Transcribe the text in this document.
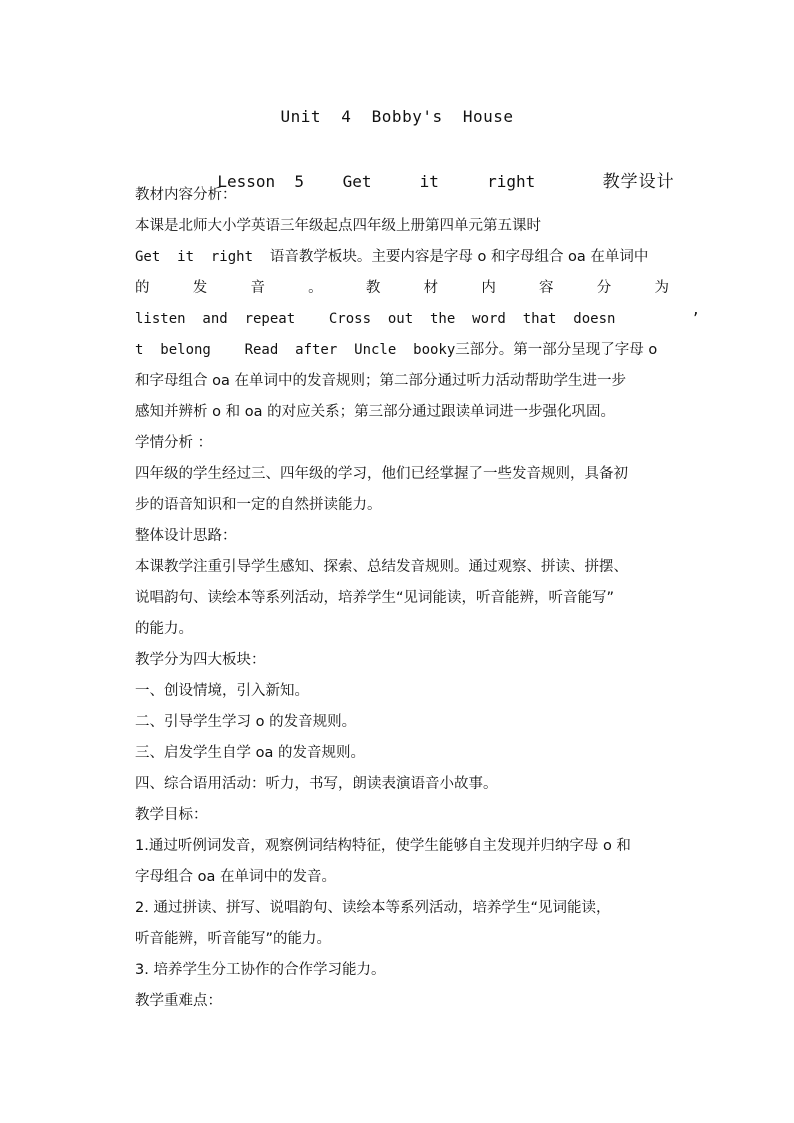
Unit  4  Bobby's  House

Lesson  5    Get     it     right       教学设计

教材内容分析：
本课是北师大小学英语三年级起点四年级上册第四单元第五课时
Get  it  right  语音教学板块。主要内容是字母 o 和字母组合 oa 在单词中
的	发	音	。	教	材	内	容	分	为
listen  and  repeat    Cross  out  the  word  that  doesn         ’
t  belong    Read  after  Uncle  booky三部分。第一部分呈现了字母 o
和字母组合 oa 在单词中的发音规则；第二部分通过听力活动帮助学生进一步
感知并辨析 o 和 oa 的对应关系；第三部分通过跟读单词进一步强化巩固。
学情分析 ：
四年级的学生经过三、四年级的学习，他们已经掌握了一些发音规则，具备初
步的语音知识和一定的自然拼读能力。
整体设计思路：
本课教学注重引导学生感知、探索、总结发音规则。通过观察、拼读、拼摆、
说唱韵句、读绘本等系列活动，培养学生“见词能读，听音能辨，听音能写”
的能力。
教学分为四大板块：
一、创设情境，引入新知。
二、引导学生学习 o 的发音规则。
三、启发学生自学 oa 的发音规则。
四、综合语用活动：听力，书写，朗读表演语音小故事。
教学目标：
1.通过听例词发音，观察例词结构特征，使学生能够自主发现并归纳字母 o 和
字母组合 oa 在单词中的发音。
2. 通过拼读、拼写、说唱韵句、读绘本等系列活动，培养学生“见词能读，
听音能辨，听音能写”的能力。
3. 培养学生分工协作的合作学习能力。
教学重难点：
